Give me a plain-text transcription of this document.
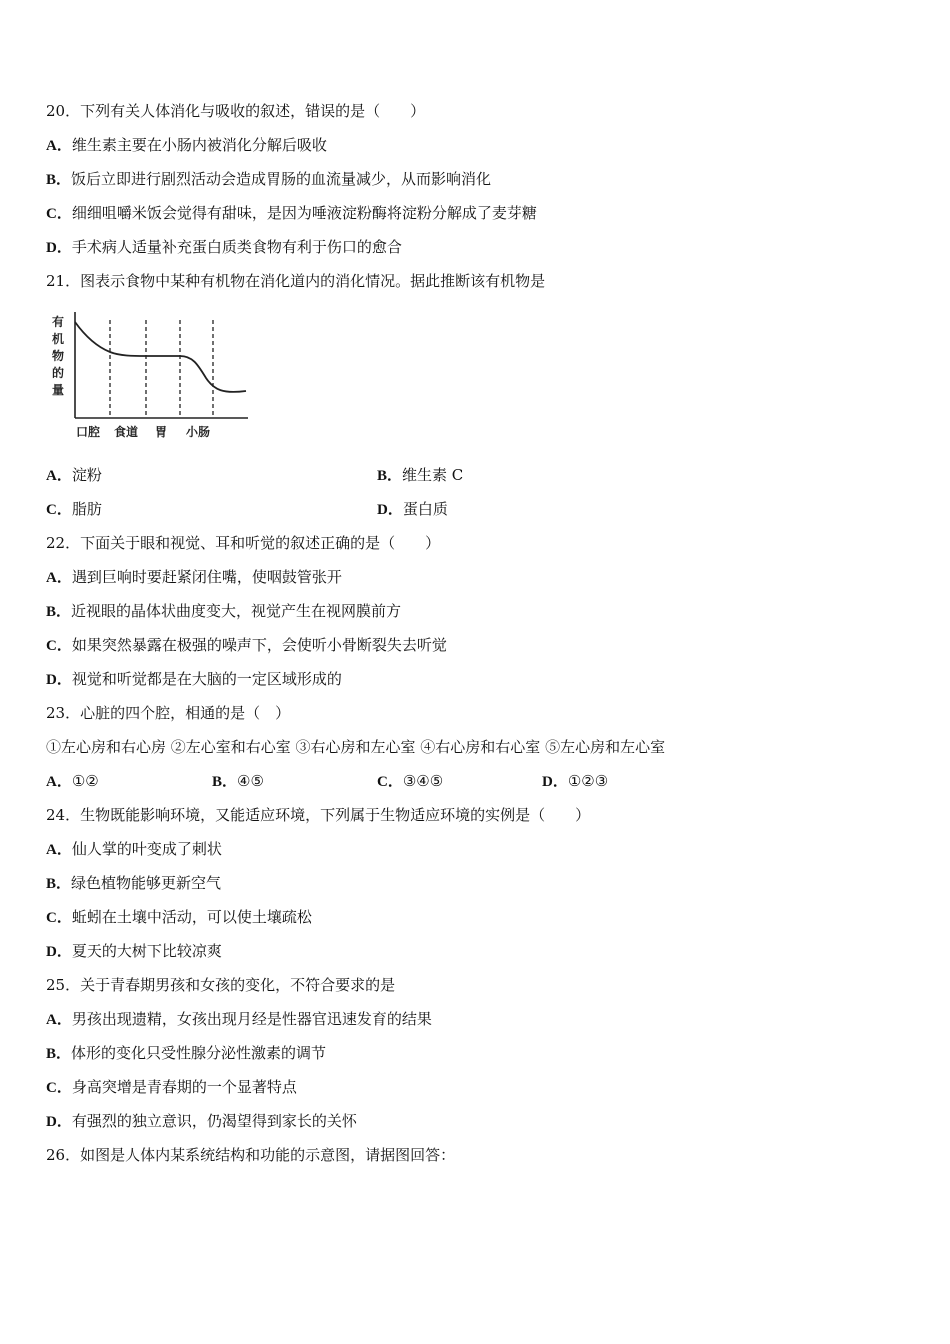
20．下列有关人体消化与吸收的叙述，错误的是（　　）
A．维生素主要在小肠内被消化分解后吸收
B．饭后立即进行剧烈活动会造成胃肠的血流量减少，从而影响消化
C．细细咀嚼米饭会觉得有甜味，是因为唾液淀粉酶将淀粉分解成了麦芽糖
D．手术病人适量补充蛋白质类食物有利于伤口的愈合
21．图表示食物中某种有机物在消化道内的消化情况。据此推断该有机物是
有
机
物
的
量
口腔 食道 胃 小肠
A．淀粉	B．维生素 C
C．脂肪	D．蛋白质
22．下面关于眼和视觉、耳和听觉的叙述正确的是（　　）
A．遇到巨响时要赶紧闭住嘴，使咽鼓管张开
B．近视眼的晶体状曲度变大，视觉产生在视网膜前方
C．如果突然暴露在极强的噪声下，会使听小骨断裂失去听觉
D．视觉和听觉都是在大脑的一定区域形成的
23．心脏的四个腔，相通的是（　）
①左心房和右心房 ②左心室和右心室 ③右心房和左心室 ④右心房和右心室 ⑤左心房和左心室
A．①②	B．④⑤	C．③④⑤	D．①②③
24．生物既能影响环境，又能适应环境，下列属于生物适应环境的实例是（　　）
A．仙人掌的叶变成了刺状
B．绿色植物能够更新空气
C．蚯蚓在土壤中活动，可以使土壤疏松
D．夏天的大树下比较凉爽
25．关于青春期男孩和女孩的变化，不符合要求的是
A．男孩出现遗精，女孩出现月经是性器官迅速发育的结果
B．体形的变化只受性腺分泌性激素的调节
C．身高突增是青春期的一个显著特点
D．有强烈的独立意识，仍渴望得到家长的关怀
26．如图是人体内某系统结构和功能的示意图，请据图回答：
